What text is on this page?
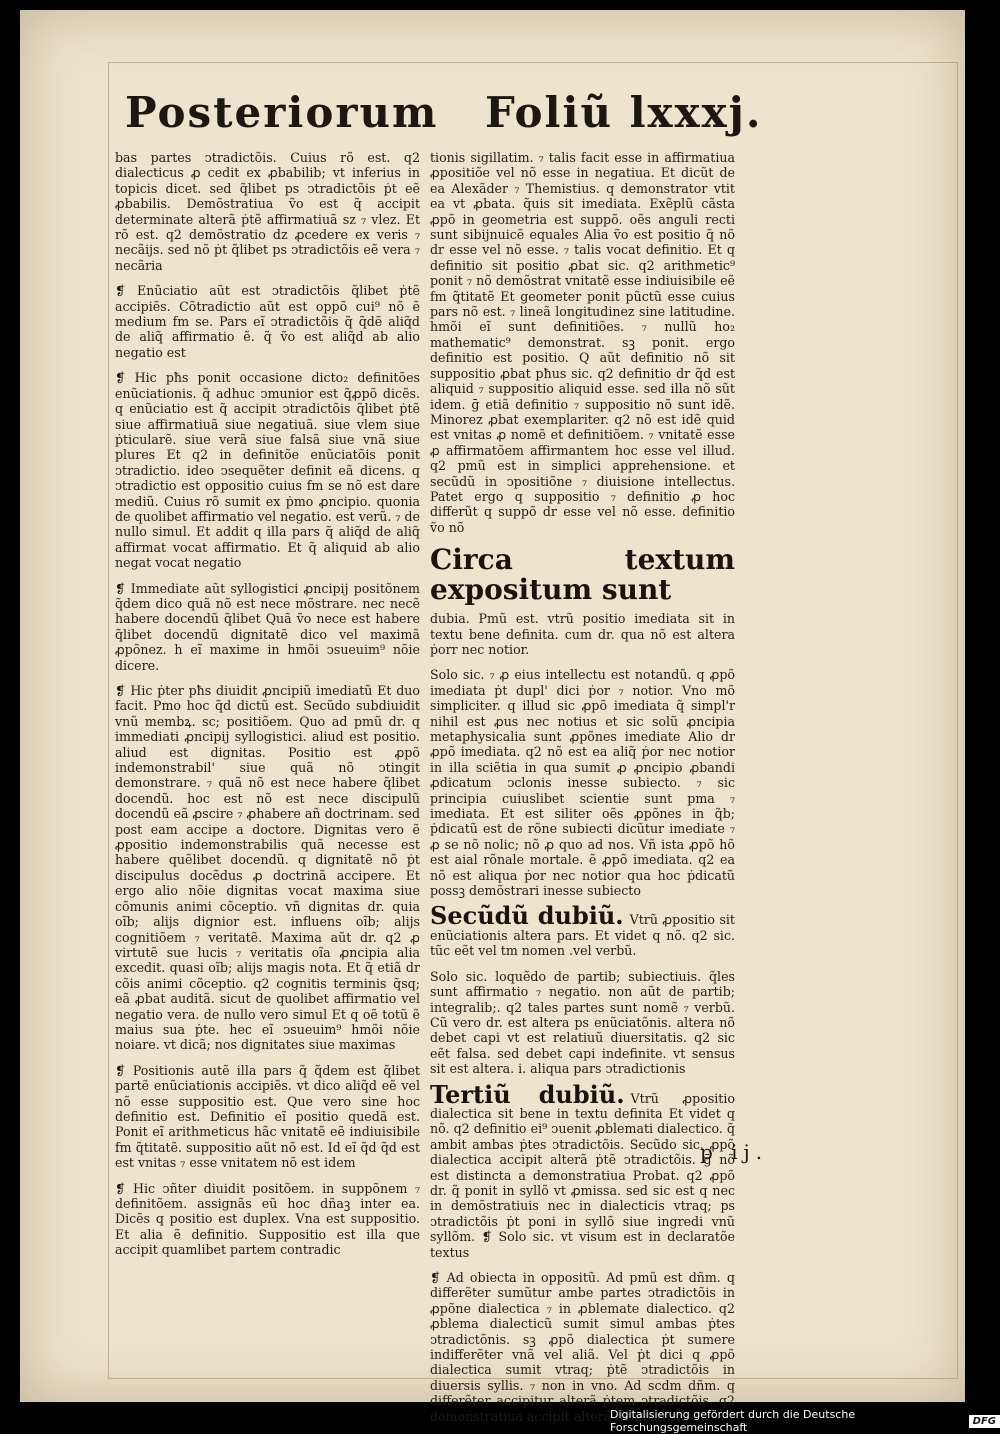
Posteriorum Foliũ lxxxj.

bas partes ↄtradictõis. Cuius rõ est. q2 dialecticus ꝓ cedit ex ꝓbabilib; vt inferius in topicis dicet. sed q̃libet ps ↄtradictõis ṗt eẽ ꝓbabilis. Demõstratiua ṽo est q̃ accipit determinate alterã ṗtẽ affirmatiuã sz ₇ vlez. Et rõ est. q2 demõstratio dz ꝓcedere ex veris ₇ necãijs. sed nõ ṗt q̃libet ps ↄtradictõis eẽ vera ₇ necãria

❡ Enũciatio aũt est ↄtradictõis q̃libet ṗtẽ accipiẽs. Cõtradictio aũt est oppõ cui⁹ nõ ẽ medium fm se. Pars eĩ ↄtradictõis q̃ q̃dẽ aliq̃d de aliq̃ affirmatio ẽ. q̃ ṽo est aliq̃d ab alio negatio est

❡ Hic pħs ponit occasione dicto₂ definitões enũciationis. q̃ adhuc ↄmunior est q̃ꝓpõ dicẽs. q enũciatio est q̃ accipit ↄtradictõis q̃libet ṗtẽ siue affirmatiuã siue negatiuã. siue vlem siue ṗticularẽ. siue verã siue falsã siue vnã siue plures Et q2 in definitõe enũciatõis ponit ↄtradictio. ideo ↄsequẽter definit eã dicens. q ↄtradictio est oppositio cuius fm se nõ est dare mediũ. Cuius rõ sumit ex ṗmo ꝓncipio. quonia de quolibet affirmatio vel negatio. est verũ. ₇ de nullo simul. Et addit q illa pars q̃ aliq̃d de aliq̃ affirmat vocat affirmatio. Et q̃ aliquid ab alio negat vocat negatio

❡ Immediate aũt syllogistici ꝓncipij positõnem q̃dem dico quã nõ est nece mõstrare. nec necẽ habere docendũ q̃libet Quã ṽo nece est habere q̃libet docendũ dignitatẽ dico vel maximã ꝓpõnez. h eĩ maxime in hmõi ↄsueuim⁹ nõie dicere.

❡ Hic ṗter pħs diuidit ꝓncipiũ imediatũ Et duo facit. Pmo hoc q̃d dictũ est. Secũdo subdiuidit vnũ membꝝ. sc; positiõem. Quo ad pmũ dr. q immediati ꝓncipij syllogistici. aliud est positio. aliud est dignitas. Positio est ꝓpõ indemonstrabil' siue quã nõ ↄtingit demonstrare. ₇ quã nõ est nece habere q̃libet docendũ. hoc est nõ est nece discipulũ docendũ eã ꝓscire ₇ ꝓhabere añ doctrinam. sed post eam accipe a doctore. Dignitas vero ẽ ꝓpositio indemonstrabilis quã necesse est habere quẽlibet docendũ. q dignitatẽ nõ ṗt discipulus docẽdus ꝓ doctrinã accipere. Et ergo alio nõie dignitas vocat maxima siue cõmunis animi cõceptio. vñ dignitas dr. quia oĩb; alijs dignior est. influens oĩb; alijs cognitiõem ₇ veritatẽ. Maxima aũt dr. q2 ꝓ virtutẽ sue lucis ₇ veritatis oĩa ꝓncipia alia excedit. quasi oĩb; alijs magis nota. Et q̃ etiã dr cõis animi cõceptio. q2 cognitis terminis q̃sq; eã ꝓbat auditã. sicut de quolibet affirmatio vel negatio vera. de nullo vero simul Et q oẽ totũ ẽ maius sua ṗte. hec eĩ ↄsueuim⁹ hmõi nõie noiare. vt dicã; nos dignitates siue maximas

❡ Positionis autẽ illa pars q̃ q̃dem est q̃libet partẽ enũciationis accipiẽs. vt dico aliq̃d eẽ vel nõ esse suppositio est. Que vero sine hoc definitio est. Definitio eĩ positio quedã est. Ponit eĩ arithmeticus hãc vnitatẽ eẽ indiuisibile fm q̃titatẽ. suppositio aũt nõ est. Id eĩ q̃d q̃d est est vnitas ₇ esse vnitatem nõ est idem

❡ Hic ↄñter diuidit positõem. in suppõnem ₇ definitõem. assignãs eũ hoc dñaꝫ inter ea. Dicẽs q positio est duplex. Vna est suppositio. Et alia ẽ definitio. Suppositio est illa que accipit quamlibet partem contradic

tionis sigillatim. ₇ talis facit esse in affirmatiua ꝓpositiõe vel nõ esse in negatiua. Et dicũt de ea Alexãder ₇ Themistius. q demonstrator vtit ea vt ꝓbata. q̃uis sit imediata. Exẽplũ cãsta ꝓpõ in geometria est suppõ. oẽs anguli recti sunt sibijnuicẽ equales Alia ṽo est positio q̃ nõ dr esse vel nõ esse. ₇ talis vocat definitio. Et q definitio sit positio ꝓbat sic. q2 arithmetic⁹ ponit ₇ nõ demõstrat vnitatẽ esse indiuisibile eẽ fm q̃titatẽ Et geometer ponit pũctũ esse cuius pars nõ est. ₇ lineã longitudinez sine latitudine. hmõi eĩ sunt definitiões. ₇ nullũ ho₂ mathematic⁹ demonstrat. sꝫ ponit. ergo definitio est positio. Q aũt definitio nõ sit suppositio ꝓbat pħus sic. q2 definitio dr q̃d est aliquid ₇ suppositio aliquid esse. sed illa nõ sũt idem. ḡ etiã definitio ₇ suppositio nõ sunt idẽ. Minorez ꝓbat exemplariter. q2 nõ est idẽ quid est vnitas ꝓ nomẽ et definitiõem. ₇ vnitatẽ esse ꝓ affirmatõem affirmantem hoc esse vel illud. q2 pmũ est in simplici apprehensione. et secũdũ in ↄpositiõne ₇ diuisione intellectus. Patet ergo q suppositio ₇ definitio ꝓ hoc differũt q suppõ dr esse vel nõ esse. definitio ṽo nõ

Circa textum expositum sunt

dubia. Pmũ est. vtrũ positio imediata sit in textu bene definita. cum dr. qua nõ est altera ṗorr nec notior.

Solo sic. ₇ ꝓ eius intellectu est notandũ. q ꝓpõ imediata ṗt dupl' dici ṗor ₇ notior. Vno mõ simpliciter. q illud sic ꝓpõ imediata q̃ simpl'r nihil est ꝓus nec notius et sic solũ ꝓncipia metaphysicalia sunt ꝓpõnes imediate Alio dr ꝓpõ imediata. q2 nõ est ea aliq̃ ṗor nec notior in illa sciẽtia in qua sumit ꝓ ꝓncipio ꝓbandi ꝓdicatum ↄclonis inesse subiecto. ₇ sic principia cuiuslibet scientie sunt pma ₇ imediata. Et est siliter oẽs ꝓpõnes in q̃b; ṗdicatũ est de rõne subiecti dicũtur imediate ₇ ꝓ se nõ nolic; nõ ꝓ quo ad nos. Vñ ista ꝓpõ hõ est aial rõnale mortale. ẽ ꝓpõ imediata. q2 ea nõ est aliqua ṗor nec notior qua hoc ṗdicatũ possꝫ demõstrari inesse subiecto

Secũdũ dubiũ. Vtrũ ꝓpositio sit enũciationis altera pars. Et videt q nõ. q2 sic. tũc eẽt vel tm nomen .vel verbũ.

Solo sic. loquẽdo de partib; subiectiuis. q̃les sunt affirmatio ₇ negatio. non aũt de partib; integralib;. q2 tales partes sunt nomẽ ₇ verbũ. Cũ vero dr. est altera ps enũciatõnis. altera nõ debet capi vt est relatiuũ diuersitatis. q2 sic eẽt falsa. sed debet capi indefinite. vt sensus sit est altera. i. aliqua pars ↄtradictionis

Tertiũ dubiũ. Vtrũ ꝓpositio dialectica sit bene in textu definita Et videt q nõ. q2 definitio ei⁹ ↄuenit ꝓblemati dialectico. q̃ ambit ambas ṗtes ↄtradictõis. Secũdo sic. ꝓpõ dialectica accipit alterã ṗtẽ ↄtradictõis. ḡ nõ est distincta a demonstratiua Probat. q2 ꝓpõ dr. q̃ ponit in syllõ vt ꝓmissa. sed sic est q nec in demõstratiuis nec in dialecticis vtraq; ps ↄtradictõis ṗt poni in syllõ siue ingredi vnũ syllõm. ❡ Solo sic. vt visum est in declaratõe textus

❡ Ad obiecta in oppositũ. Ad pmũ est dñm. q differẽter sumũtur ambe partes ↄtradictõis in ꝓpõne dialectica ₇ in ꝓblemate dialectico. q2 ꝓblema dialecticũ sumit simul ambas ṗtes ↄtradictõnis. sꝫ ꝓpõ dialectica ṗt sumere indifferẽter vnã vel aliã. Vel ṗt dici q ꝓpõ dialectica sumit vtraq; ṗtẽ ↄtradictõis in diuersis syllis. ₇ non in vno. Ad scdm dñm. q differẽter accipitur alterã ṗtem ↄtradictõis. q2 demonstratiua accipit alterã demõstrati

p ij.
Digitalisierung gefördert durch die Deutsche Forschungsgemeinschaft	DFG
